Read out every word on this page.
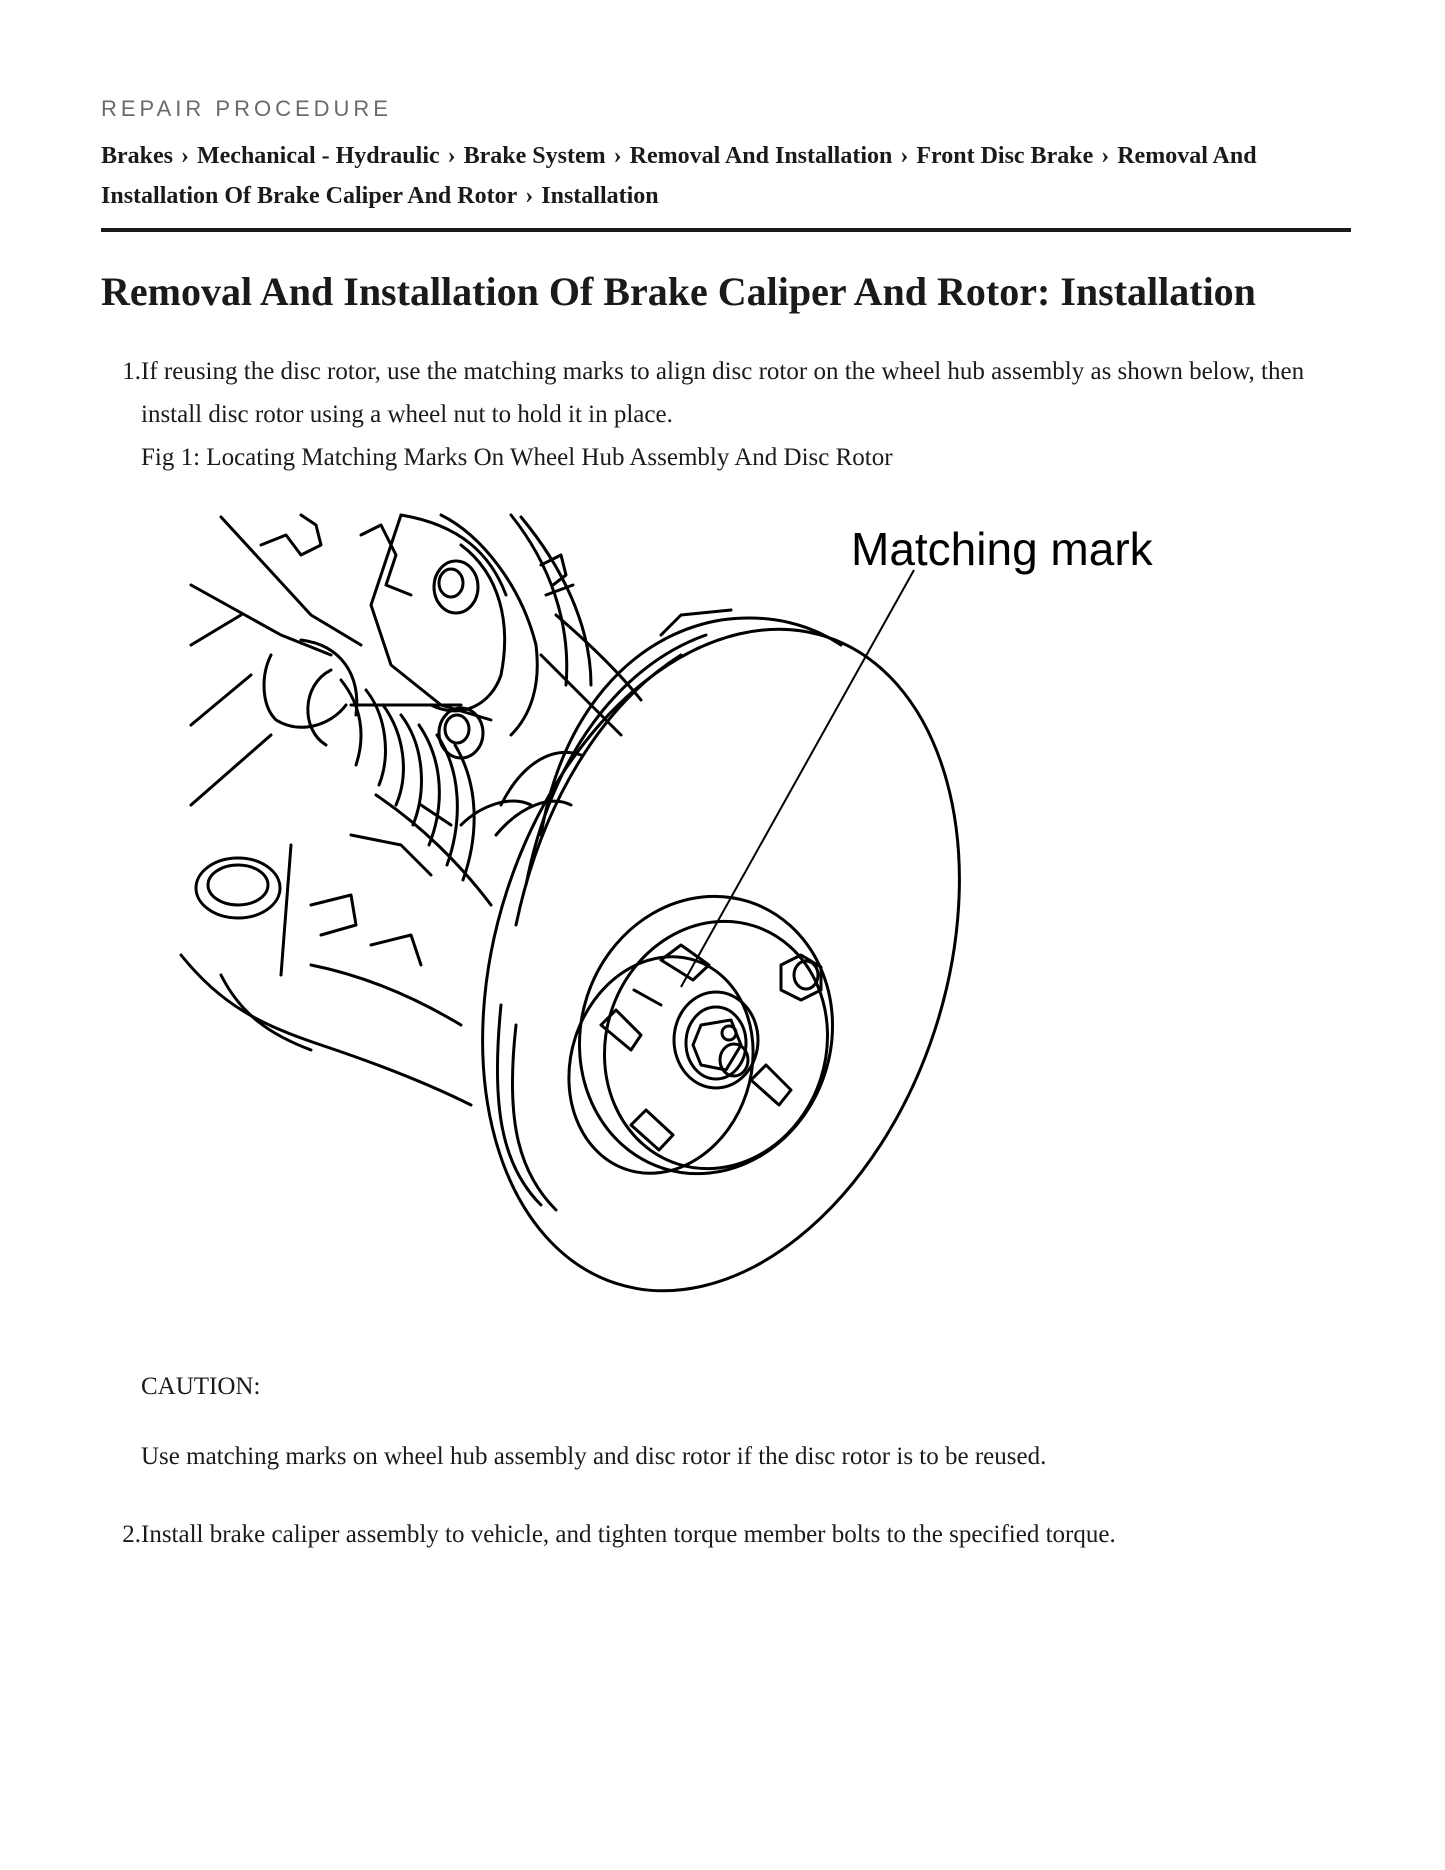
REPAIR PROCEDURE
Brakes › Mechanical - Hydraulic › Brake System › Removal And Installation › Front Disc Brake › Removal And Installation Of Brake Caliper And Rotor › Installation
Removal And Installation Of Brake Caliper And Rotor: Installation
1. If reusing the disc rotor, use the matching marks to align disc rotor on the wheel hub assembly as shown below, then install disc rotor using a wheel nut to hold it in place.
Fig 1: Locating Matching Marks On Wheel Hub Assembly And Disc Rotor
Matching mark
CAUTION:
Use matching marks on wheel hub assembly and disc rotor if the disc rotor is to be reused.
2. Install brake caliper assembly to vehicle, and tighten torque member bolts to the specified torque.
